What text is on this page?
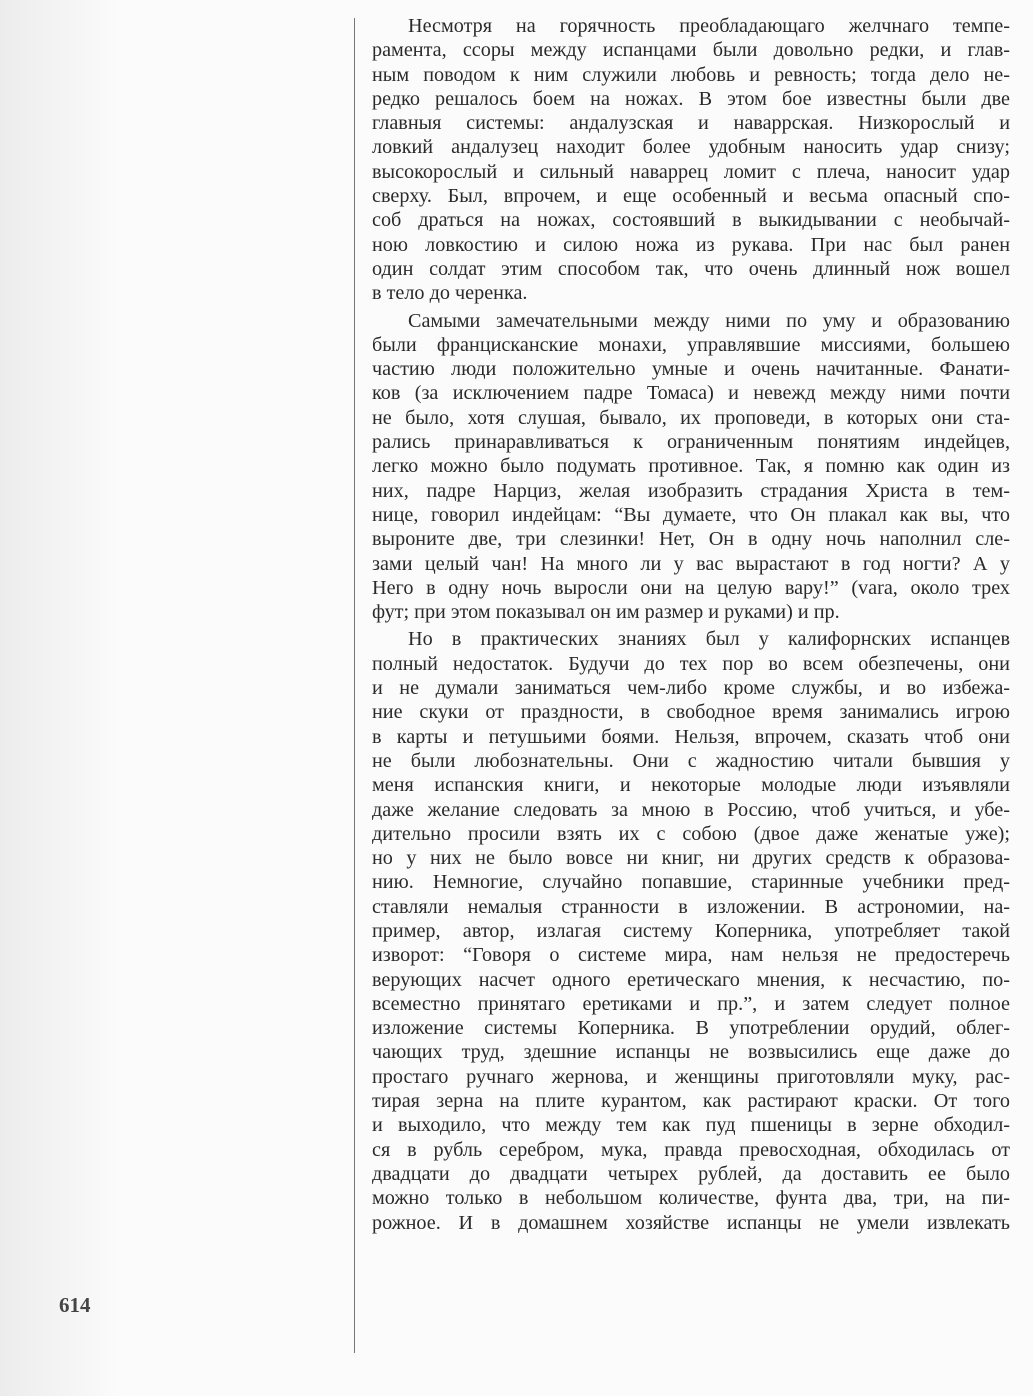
Несмотря на горячность преобладающаго желчнаго темпе-
рамента, ссоры между испанцами были довольно редки, и глав-
ным поводом к ним служили любовь и ревность; тогда дело не-
редко решалось боем на ножах. В этом бое известны были две
главныя системы: андалузская и наваррская. Низкорослый и
ловкий андалузец находит более удобным наносить удар снизу;
высокорослый и сильный наваррец ломит с плеча, наносит удар
сверху. Был, впрочем, и еще особенный и весьма опасный спо-
соб драться на ножах, состоявший в выкидывании с необычай-
ною ловкостию и силою ножа из рукава. При нас был ранен
один солдат этим способом так, что очень длинный нож вошел
в тело до черенка.
Самыми замечательными между ними по уму и образованию
были францисканские монахи, управлявшие миссиями, большею
частию люди положительно умные и очень начитанные. Фанати-
ков (за исключением падре Томаса) и невежд между ними почти
не было, хотя слушая, бывало, их проповеди, в которых они ста-
рались принаравливаться к ограниченным понятиям индейцев,
легко можно было подумать противное. Так, я помню как один из
них, падре Нарциз, желая изобразить страдания Христа в тем-
нице, говорил индейцам: “Вы думаете, что Он плакал как вы, что
выроните две, три слезинки! Нет, Он в одну ночь наполнил сле-
зами целый чан! На много ли у вас вырастают в год ногти? А у
Него в одну ночь выросли они на целую вару!” (vara, около трех
фут; при этом показывал он им размер и руками) и пр.
Но в практических знаниях был у калифорнских испанцев
полный недостаток. Будучи до тех пор во всем обезпечены, они
и не думали заниматься чем-либо кроме службы, и во избежа-
ние скуки от праздности, в свободное время занимались игрою
в карты и петушьими боями. Нельзя, впрочем, сказать чтоб они
не были любознательны. Они с жадностию читали бывшия у
меня испанския книги, и некоторые молодые люди изъявляли
даже желание следовать за мною в Россию, чтоб учиться, и убе-
дительно просили взять их с собою (двое даже женатые уже);
но у них не было вовсе ни книг, ни других средств к образова-
нию. Немногие, случайно попавшие, старинные учебники пред-
ставляли немалыя странности в изложении. В астрономии, на-
пример, автор, излагая систему Коперника, употребляет такой
изворот: “Говоря о системе мира, нам нельзя не предостеречь
верующих насчет одного еретическаго мнения, к несчастию, по-
всеместно принятаго еретиками и пр.”, и затем следует полное
изложение системы Коперника. В употреблении орудий, облег-
чающих труд, здешние испанцы не возвысились еще даже до
простаго ручнаго жернова, и женщины приготовляли муку, рас-
тирая зерна на плите курантом, как растирают краски. От того
и выходило, что между тем как пуд пшеницы в зерне обходил-
ся в рубль серебром, мука, правда превосходная, обходилась от
двадцати до двадцати четырех рублей, да доставить ее было
можно только в небольшом количестве, фунта два, три, на пи-
рожное. И в домашнем хозяйстве испанцы не умели извлекать
614
